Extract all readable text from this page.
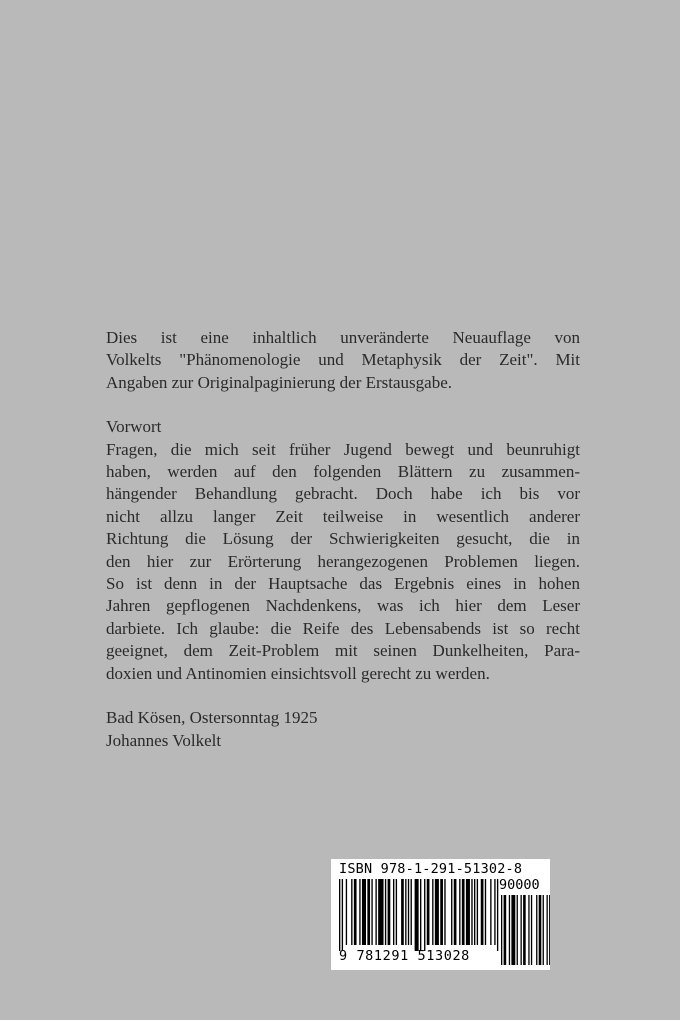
Dies ist eine inhaltlich unveränderte Neuauflage von

Volkelts "Phänomenologie und Metaphysik der Zeit". Mit

Angaben zur Originalpaginierung der Erstausgabe.

Vorwort

Fragen, die mich seit früher Jugend bewegt und beunruhigt

haben, werden auf den folgenden Blättern zu zusammen-

hängender Behandlung gebracht. Doch habe ich bis vor

nicht allzu langer Zeit teilweise in wesentlich anderer

Richtung die Lösung der Schwierigkeiten gesucht, die in

den hier zur Erörterung herangezogenen Problemen liegen.

So ist denn in der Hauptsache das Ergebnis eines in hohen

Jahren gepflogenen Nachdenkens, was ich hier dem Leser

darbiete. Ich glaube: die Reife des Lebensabends ist so recht

geeignet, dem Zeit-Problem mit seinen Dunkelheiten, Para-

doxien und Antinomien einsichtsvoll gerecht zu werden.

Bad Kösen, Ostersonntag 1925

Johannes Volkelt

ISBN 978-1-291-51302-8
90000
9 781291 513028
